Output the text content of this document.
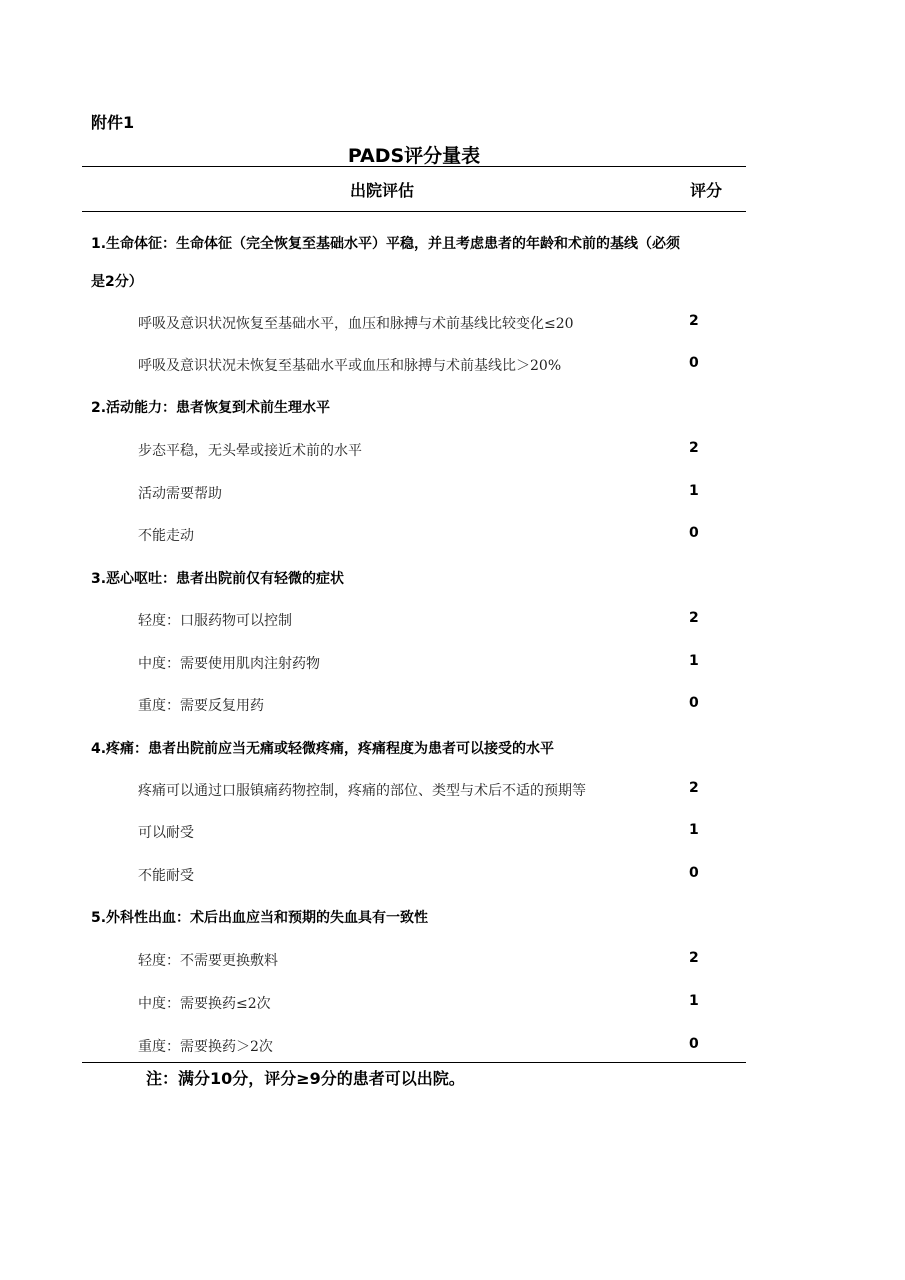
附件1
PADS评分量表
出院评估	评分
1.生命体征：生命体征（完全恢复至基础水平）平稳，并且考虑患者的年龄和术前的基线（必须是2分）
呼吸及意识状况恢复至基础水平，血压和脉搏与术前基线比较变化≤20	2
呼吸及意识状况未恢复至基础水平或血压和脉搏与术前基线比＞20%	0
2.活动能力：患者恢复到术前生理水平
步态平稳，无头晕或接近术前的水平	2
活动需要帮助	1
不能走动	0
3.恶心呕吐：患者出院前仅有轻微的症状
轻度：口服药物可以控制	2
中度：需要使用肌肉注射药物	1
重度：需要反复用药	0
4.疼痛：患者出院前应当无痛或轻微疼痛，疼痛程度为患者可以接受的水平
疼痛可以通过口服镇痛药物控制，疼痛的部位、类型与术后不适的预期等	2
可以耐受	1
不能耐受	0
5.外科性出血：术后出血应当和预期的失血具有一致性
轻度：不需要更换敷料	2
中度：需要换药≤2次	1
重度：需要换药＞2次	0
注：满分10分，评分≥9分的患者可以出院。
